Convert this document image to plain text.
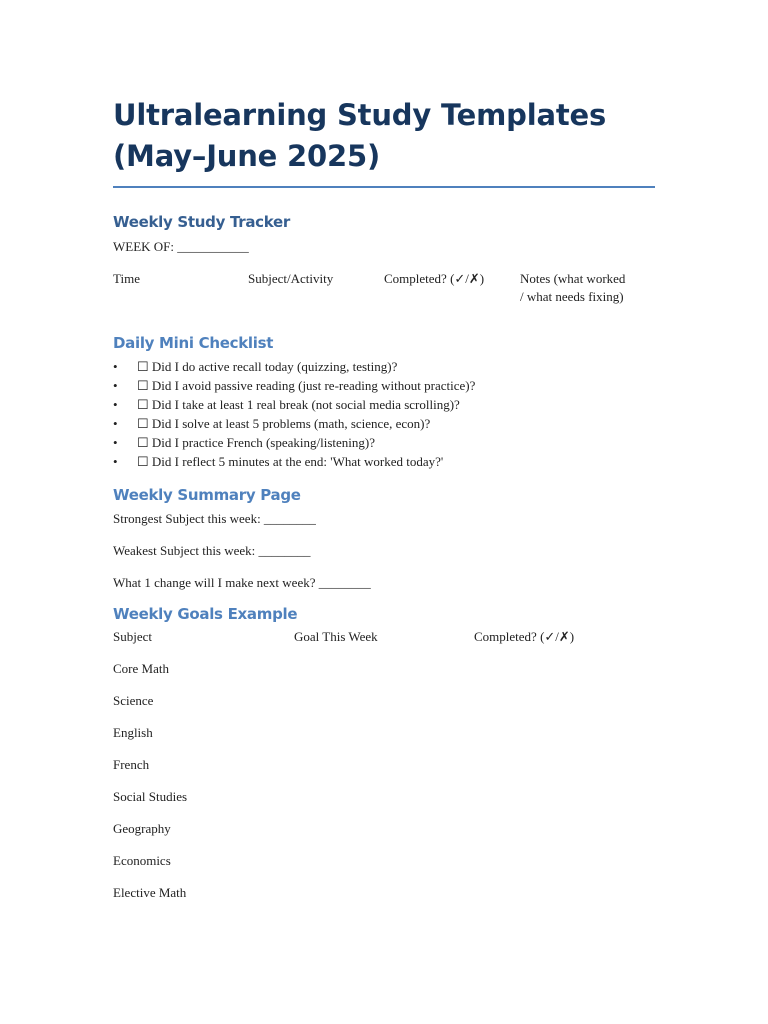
Ultralearning Study Templates (May–June 2025)
Weekly Study Tracker

WEEK OF: ___________

Time	Subject/Activity	Completed? (✓/✗)	Notes (what worked

/ what needs fixing)

Daily Mini Checklist
• ☐ Did I do active recall today (quizzing, testing)?
• ☐ Did I avoid passive reading (just re-reading without practice)?
• ☐ Did I take at least 1 real break (not social media scrolling)?
• ☐ Did I solve at least 5 problems (math, science, econ)?
• ☐ Did I practice French (speaking/listening)?
• ☐ Did I reflect 5 minutes at the end: 'What worked today?'
Weekly Summary Page

Strongest Subject this week: ________

Weakest Subject this week: ________

What 1 change will I make next week? ________

Weekly Goals Example

Subject	Goal This Week	Completed? (✓/✗)

Core Math

Science

English

French

Social Studies

Geography

Economics

Elective Math
